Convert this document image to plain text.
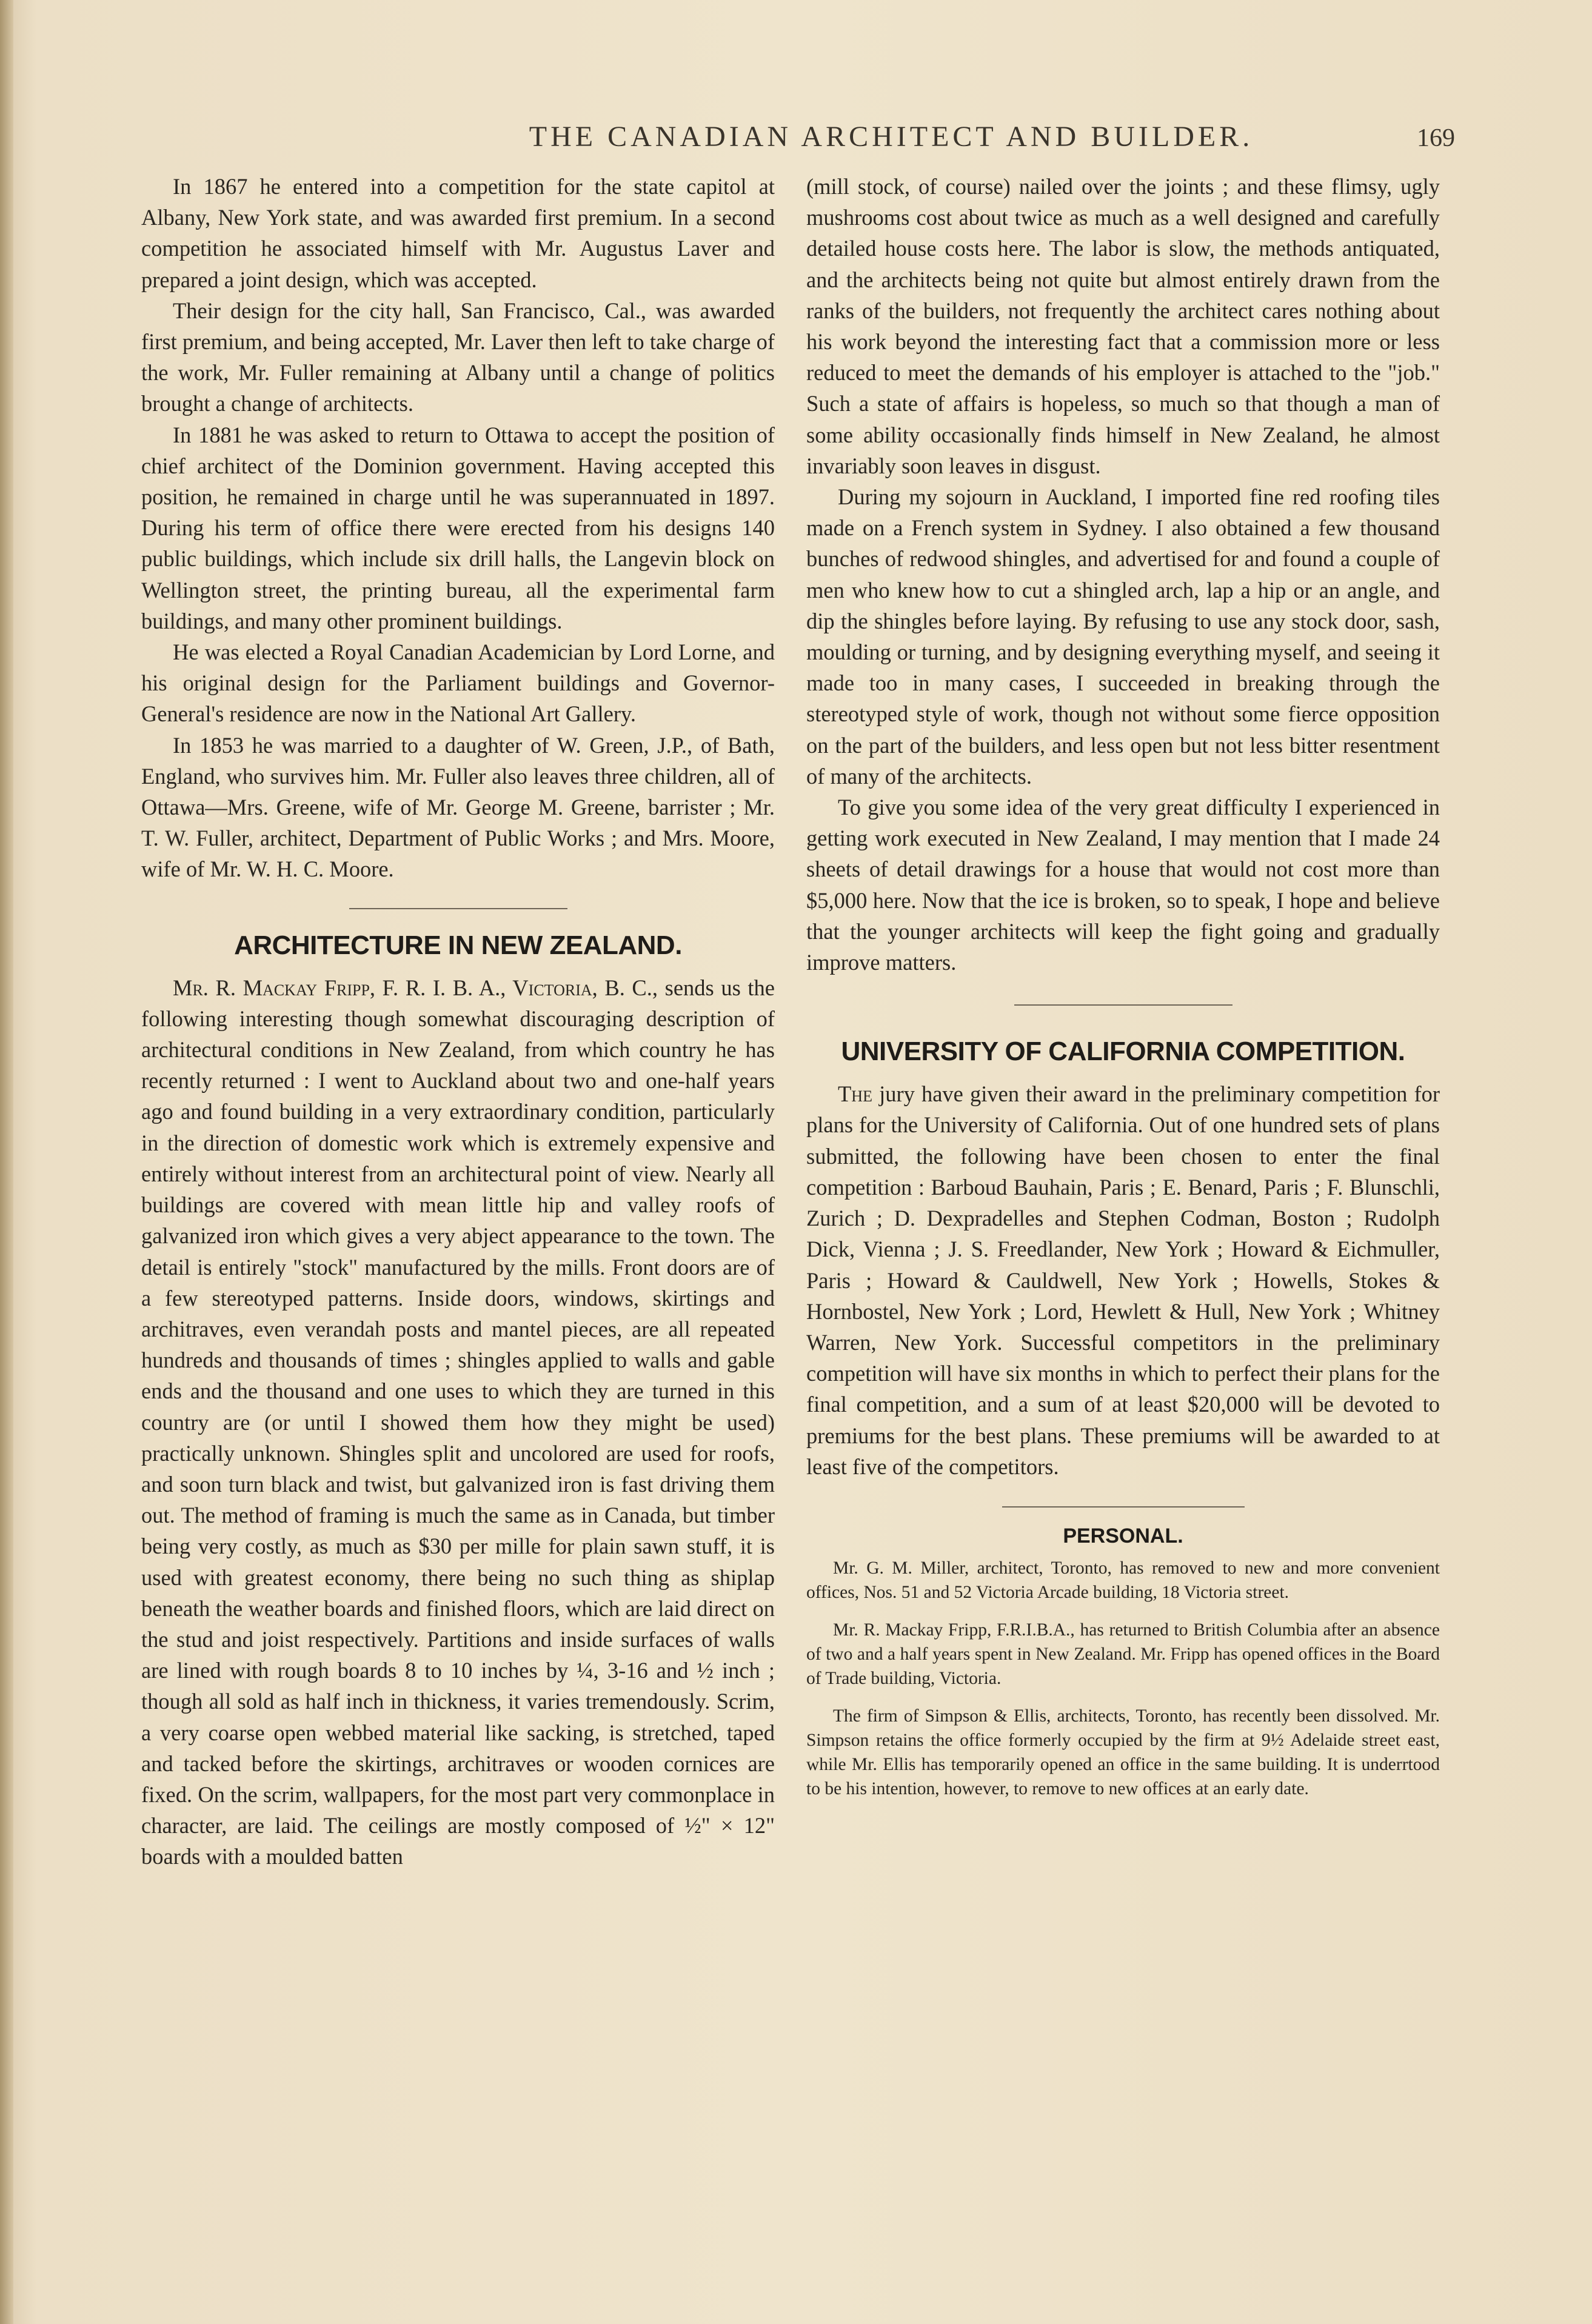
THE CANADIAN ARCHITECT AND BUILDER.	169

In 1867 he entered into a competition for the state capitol at Albany, New York state, and was awarded first premium. In a second competition he associated himself with Mr. Augustus Laver and prepared a joint design, which was accepted.

Their design for the city hall, San Francisco, Cal., was awarded first premium, and being accepted, Mr. Laver then left to take charge of the work, Mr. Fuller remaining at Albany until a change of politics brought a change of architects.

In 1881 he was asked to return to Ottawa to accept the position of chief architect of the Dominion government. Having accepted this position, he remained in charge until he was superannuated in 1897. During his term of office there were erected from his designs 140 public buildings, which include six drill halls, the Langevin block on Wellington street, the printing bureau, all the experimental farm buildings, and many other prominent buildings.

He was elected a Royal Canadian Academician by Lord Lorne, and his original design for the Parliament buildings and Governor-General's residence are now in the National Art Gallery.

In 1853 he was married to a daughter of W. Green, J.P., of Bath, England, who survives him. Mr. Fuller also leaves three children, all of Ottawa—Mrs. Greene, wife of Mr. George M. Greene, barrister ; Mr. T. W. Fuller, architect, Department of Public Works ; and Mrs. Moore, wife of Mr. W. H. C. Moore.

ARCHITECTURE IN NEW ZEALAND.

Mr. R. Mackay Fripp, F. R. I. B. A., Victoria, B. C., sends us the following interesting though somewhat discouraging description of architectural conditions in New Zealand, from which country he has recently returned : I went to Auckland about two and one-half years ago and found building in a very extraordinary condition, particularly in the direction of domestic work which is extremely expensive and entirely without interest from an architectural point of view. Nearly all buildings are covered with mean little hip and valley roofs of galvanized iron which gives a very abject appearance to the town. The detail is entirely "stock" manufactured by the mills. Front doors are of a few stereotyped patterns. Inside doors, windows, skirtings and architraves, even verandah posts and mantel pieces, are all repeated hundreds and thousands of times ; shingles applied to walls and gable ends and the thousand and one uses to which they are turned in this country are (or until I showed them how they might be used) practically unknown. Shingles split and uncolored are used for roofs, and soon turn black and twist, but galvanized iron is fast driving them out. The method of framing is much the same as in Canada, but timber being very costly, as much as $30 per mille for plain sawn stuff, it is used with greatest economy, there being no such thing as shiplap beneath the weather boards and finished floors, which are laid direct on the stud and joist respectively. Partitions and inside surfaces of walls are lined with rough boards 8 to 10 inches by ¼, 3-16 and ½ inch ; though all sold as half inch in thickness, it varies tremendously. Scrim, a very coarse open webbed material like sacking, is stretched, taped and tacked before the skirtings, architraves or wooden cornices are fixed. On the scrim, wallpapers, for the most part very commonplace in character, are laid. The ceilings are mostly composed of ½" × 12" boards with a moulded batten

(mill stock, of course) nailed over the joints ; and these flimsy, ugly mushrooms cost about twice as much as a well designed and carefully detailed house costs here. The labor is slow, the methods antiquated, and the architects being not quite but almost entirely drawn from the ranks of the builders, not frequently the architect cares nothing about his work beyond the interesting fact that a commission more or less reduced to meet the demands of his employer is attached to the "job." Such a state of affairs is hopeless, so much so that though a man of some ability occasionally finds himself in New Zealand, he almost invariably soon leaves in disgust.

During my sojourn in Auckland, I imported fine red roofing tiles made on a French system in Sydney. I also obtained a few thousand bunches of redwood shingles, and advertised for and found a couple of men who knew how to cut a shingled arch, lap a hip or an angle, and dip the shingles before laying. By refusing to use any stock door, sash, moulding or turning, and by designing everything myself, and seeing it made too in many cases, I succeeded in breaking through the stereotyped style of work, though not without some fierce opposition on the part of the builders, and less open but not less bitter resentment of many of the architects.

To give you some idea of the very great difficulty I experienced in getting work executed in New Zealand, I may mention that I made 24 sheets of detail drawings for a house that would not cost more than $5,000 here. Now that the ice is broken, so to speak, I hope and believe that the younger architects will keep the fight going and gradually improve matters.

UNIVERSITY OF CALIFORNIA COMPETITION.

The jury have given their award in the preliminary competition for plans for the University of California. Out of one hundred sets of plans submitted, the following have been chosen to enter the final competition : Barboud Bauhain, Paris ; E. Benard, Paris ; F. Blunschli, Zurich ; D. Dexpradelles and Stephen Codman, Boston ; Rudolph Dick, Vienna ; J. S. Freedlander, New York ; Howard & Eichmuller, Paris ; Howard & Cauldwell, New York ; Howells, Stokes & Hornbostel, New York ; Lord, Hewlett & Hull, New York ; Whitney Warren, New York. Successful competitors in the preliminary competition will have six months in which to perfect their plans for the final competition, and a sum of at least $20,000 will be devoted to premiums for the best plans. These premiums will be awarded to at least five of the competitors.

PERSONAL.

Mr. G. M. Miller, architect, Toronto, has removed to new and more convenient offices, Nos. 51 and 52 Victoria Arcade building, 18 Victoria street.

Mr. R. Mackay Fripp, F.R.I.B.A., has returned to British Columbia after an absence of two and a half years spent in New Zealand. Mr. Fripp has opened offices in the Board of Trade building, Victoria.

The firm of Simpson & Ellis, architects, Toronto, has recently been dissolved. Mr. Simpson retains the office formerly occupied by the firm at 9½ Adelaide street east, while Mr. Ellis has temporarily opened an office in the same building. It is underrtood to be his intention, however, to remove to new offices at an early date.
